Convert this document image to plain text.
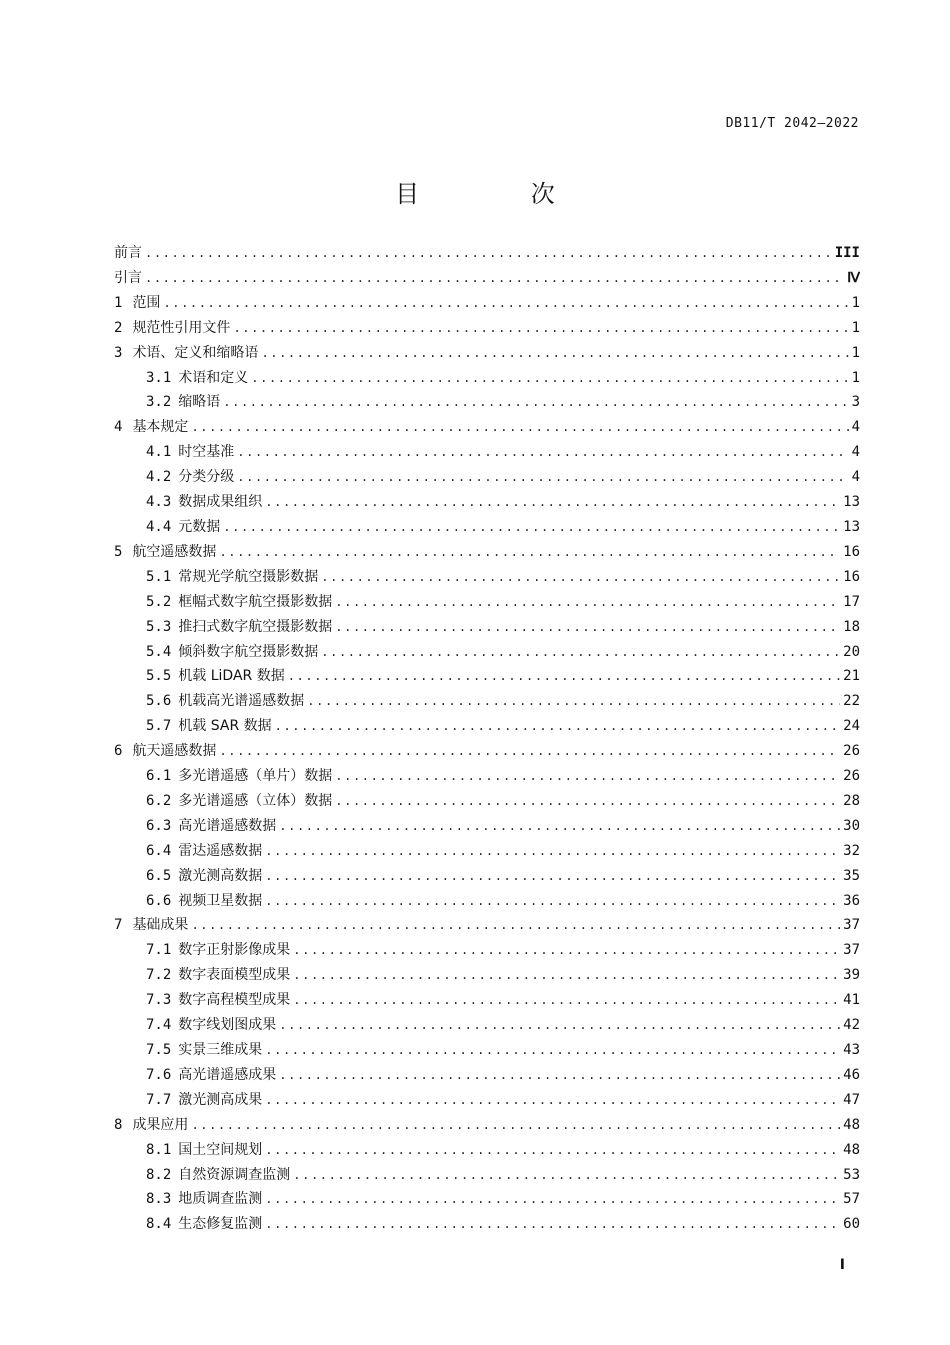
DB11/T 2042—2022
目 次
前言 .....	III
引言 .....	Ⅳ
1 范围 .....	1
2 规范性引用文件 .....	1
3 术语、定义和缩略语 .....	1
3.1 术语和定义 .....	1
3.2 缩略语 .....	3
4 基本规定 .....	4
4.1 时空基准 .....	4
4.2 分类分级 .....	4
4.3 数据成果组织 .....	13
4.4 元数据 .....	13
5 航空遥感数据 .....	16
5.1 常规光学航空摄影数据 .....	16
5.2 框幅式数字航空摄影数据 .....	17
5.3 推扫式数字航空摄影数据 .....	18
5.4 倾斜数字航空摄影数据 .....	20
5.5 机载 LiDAR 数据 .....	21
5.6 机载高光谱遥感数据 .....	22
5.7 机载 SAR 数据 .....	24
6 航天遥感数据 .....	26
6.1 多光谱遥感（单片）数据 .....	26
6.2 多光谱遥感（立体）数据 .....	28
6.3 高光谱遥感数据 .....	30
6.4 雷达遥感数据 .....	32
6.5 激光测高数据 .....	35
6.6 视频卫星数据 .....	36
7 基础成果 .....	37
7.1 数字正射影像成果 .....	37
7.2 数字表面模型成果 .....	39
7.3 数字高程模型成果 .....	41
7.4 数字线划图成果 .....	42
7.5 实景三维成果 .....	43
7.6 高光谱遥感成果 .....	46
7.7 激光测高成果 .....	47
8 成果应用 .....	48
8.1 国土空间规划 .....	48
8.2 自然资源调查监测 .....	53
8.3 地质调查监测 .....	57
8.4 生态修复监测 .....	60
I
